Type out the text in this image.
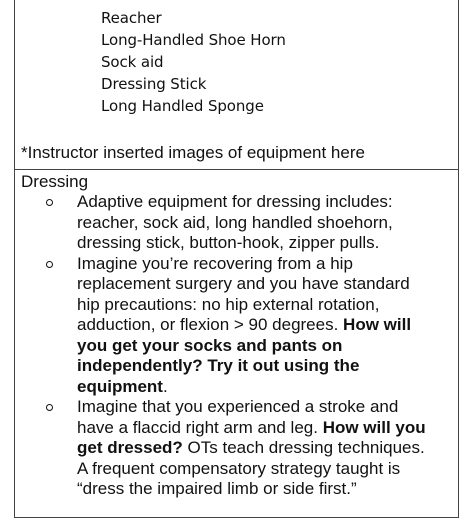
Reacher
Long-Handled Shoe Horn
Sock aid
Dressing Stick
Long Handled Sponge
*Instructor inserted images of equipment here
Dressing
Adaptive equipment for dressing includes:
reacher, sock aid, long handled shoehorn,
dressing stick, button-hook, zipper pulls.
Imagine you’re recovering from a hip
replacement surgery and you have standard
hip precautions: no hip external rotation,
adduction, or flexion > 90 degrees. How will
you get your socks and pants on
independently? Try it out using the
equipment.
Imagine that you experienced a stroke and
have a flaccid right arm and leg. How will you
get dressed? OTs teach dressing techniques.
A frequent compensatory strategy taught is
“dress the impaired limb or side first.”
